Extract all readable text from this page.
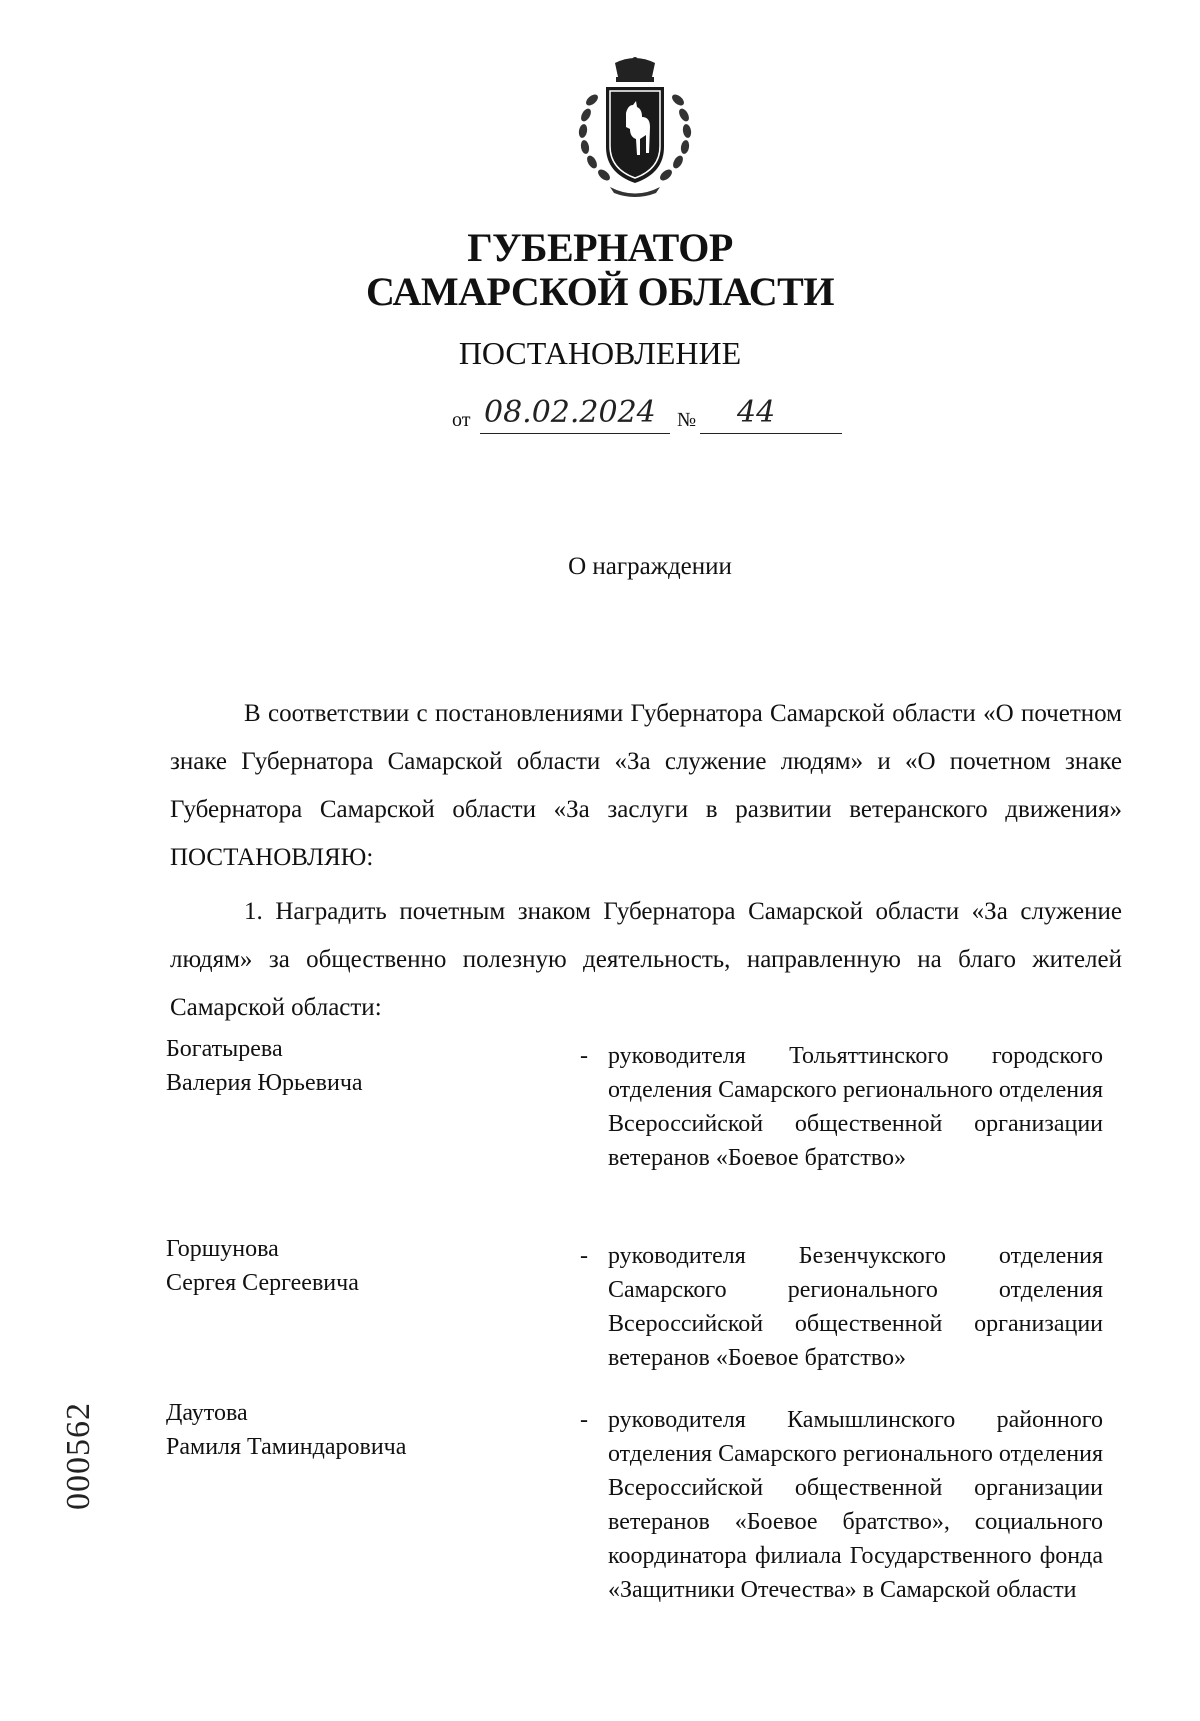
ГУБЕРНАТОР
САМАРСКОЙ ОБЛАСТИ
ПОСТАНОВЛЕНИЕ
от 08.02.2024 № 44
О награждении
В соответствии с постановлениями Губернатора Самарской области «О почетном знаке Губернатора Самарской области «За служение людям» и «О почетном знаке Губернатора Самарской области «За заслуги в развитии ветеранского движения» ПОСТАНОВЛЯЮ:
1. Наградить почетным знаком Губернатора Самарской области «За служение людям» за общественно полезную деятельность, направленную на благо жителей Самарской области:
Богатырева
Валерия Юрьевича
- руководителя Тольяттинского городского отделения Самарского регионального отделения Всероссийской общественной организации ветеранов «Боевое братство»
Горшунова
Сергея Сергеевича
- руководителя Безенчукского отделения Самарского регионального отделения Всероссийской общественной организации ветеранов «Боевое братство»
Даутова
Рамиля Таминдаровича
- руководителя Камышлинского районного отделения Самарского регионального отделения Всероссийской общественной организации ветеранов «Боевое братство», социального координатора филиала Государственного фонда «Защитники Отечества» в Самарской области
000562
